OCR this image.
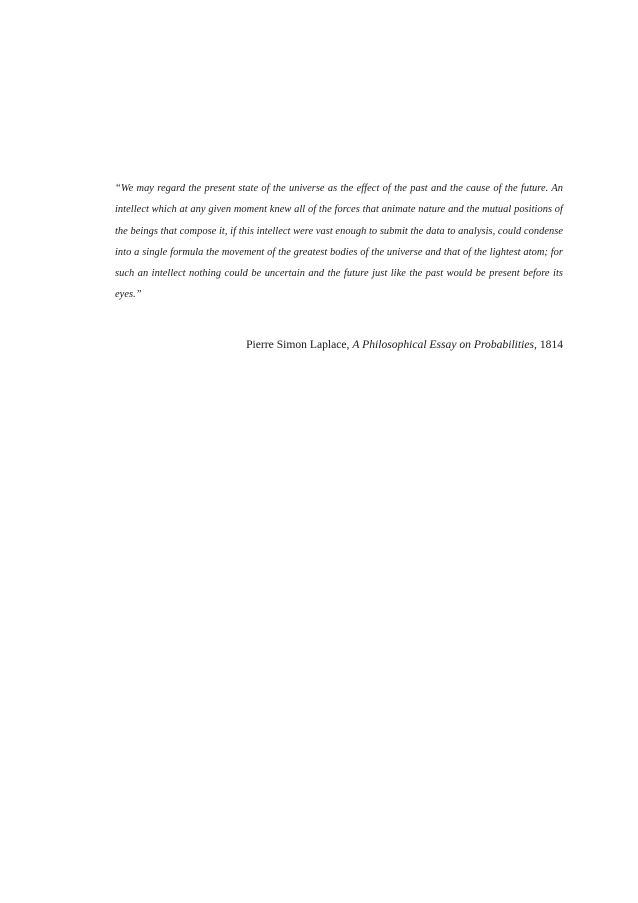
“We may regard the present state of the universe as the effect of the past and the cause of the future. An intellect which at any given moment knew all of the forces that animate nature and the mutual positions of the beings that compose it, if this intellect were vast enough to submit the data to analysis, could condense into a single formula the movement of the greatest bodies of the universe and that of the lightest atom; for such an intellect nothing could be uncertain and the future just like the past would be present before its eyes.”

Pierre Simon Laplace, A Philosophical Essay on Probabilities, 1814
